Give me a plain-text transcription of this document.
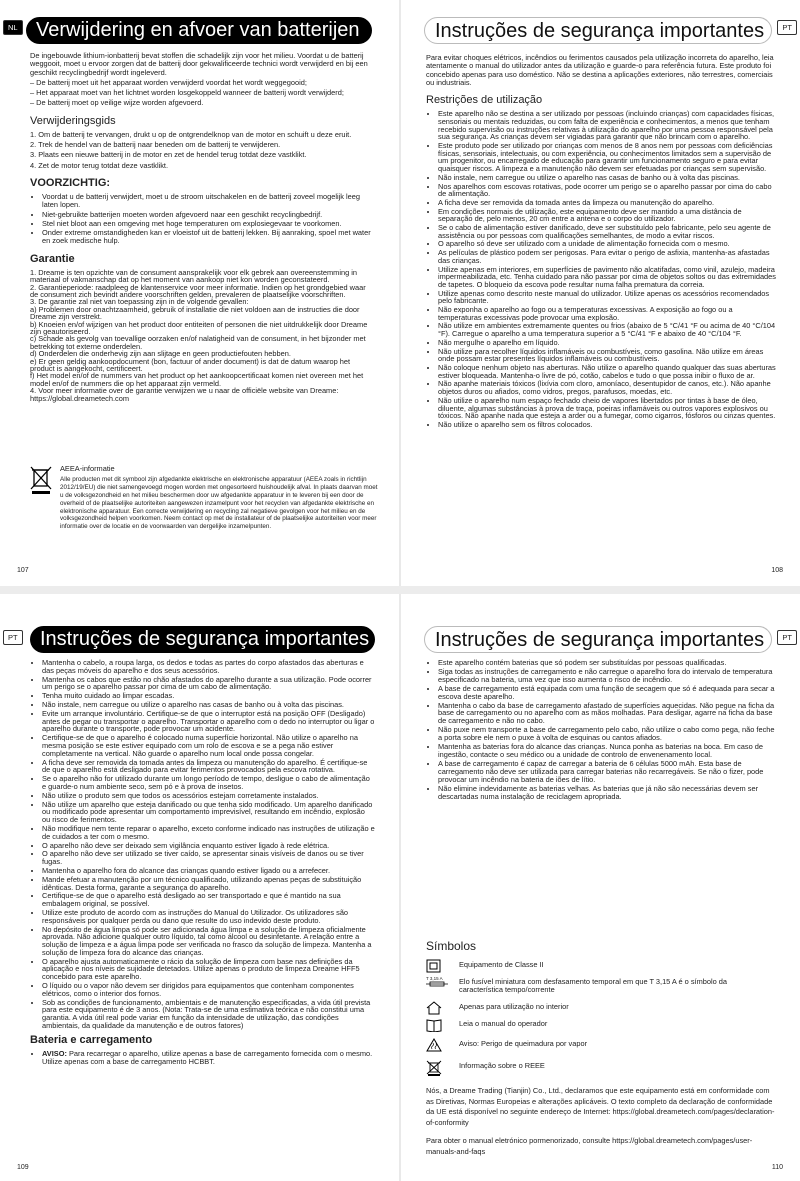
NL Verwijdering en afvoer van batterijen

De ingebouwde lithium-ionbatterij bevat stoffen die schadelijk zijn voor het milieu. Voordat u de batterij weggooit, moet u ervoor zorgen dat de batterij door gekwalificeerde technici wordt verwijderd en bij een geschikt recyclingbedrijf wordt ingeleverd.

– De batterij moet uit het apparaat worden verwijderd voordat het wordt weggegooid;

– Het apparaat moet van het lichtnet worden losgekoppeld wanneer de batterij wordt verwijderd;

– De batterij moet op veilige wijze worden afgevoerd.

Verwijderingsgids

1. Om de batterij te vervangen, drukt u op de ontgrendelknop van de motor en schuift u deze eruit.

2. Trek de hendel van de batterij naar beneden om de batterij te verwijderen.

3. Plaats een nieuwe batterij in de motor en zet de hendel terug totdat deze vastklikt.

4. Zet de motor terug totdat deze vastklikt.

VOORZICHTIG:
• Voordat u de batterij verwijdert, moet u de stroom uitschakelen en de batterij zoveel mogelijk leeg laten lopen.
• Niet-gebruikte batterijen moeten worden afgevoerd naar een geschikt recyclingbedrijf.
• Stel niet bloot aan een omgeving met hoge temperaturen om explosiegevaar te voorkomen.
• Onder extreme omstandigheden kan er vloeistof uit de batterij lekken. Bij aanraking, spoel met water en zoek medische hulp.
Garantie

1. Dreame is ten opzichte van de consument aansprakelijk voor elk gebrek aan overeenstemming in materiaal of vakmanschap dat op het moment van aankoop niet kon worden geconstateerd.

2. Garantieperiode: raadpleeg de klantenservice voor meer informatie. Indien op het grondgebied waar de consument zich bevindt andere voorschriften gelden, prevaleren de plaatselijke voorschriften.

3. De garantie zal niet van toepassing zijn in de volgende gevallen:

a) Problemen door onachtzaamheid, gebruik of installatie die niet voldoen aan de instructies die door Dreame zijn verstrekt.

b) Knoeien en/of wijzigen van het product door entiteiten of personen die niet uitdrukkelijk door Dreame zijn geautoriseerd.

c) Schade als gevolg van toevallige oorzaken en/of nalatigheid van de consument, in het bijzonder met betrekking tot externe onderdelen.

d) Onderdelen die onderhevig zijn aan slijtage en geen productiefouten hebben.

e) Er geen geldig aankoopdocument (bon, factuur of ander document) is dat de datum waarop het product is aangekocht, certificeert.

f) Het model en/of de nummers van het product op het aankoopcertificaat komen niet overeen met het model en/of de nummers die op het apparaat zijn vermeld.

4. Voor meer informatie over de garantie verwijzen we u naar de officiële website van Dreame: https://global.dreametech.com

AEEA-informatie
Alle producten met dit symbool zijn afgedankte elektrische en elektronische apparatuur (AEEA zoals in richtlijn 2012/19/EU) die niet samengevoegd mogen worden met ongesorteerd huishoudelijk afval. In plaats daarvan moet u de volksgezondheid en het milieu beschermen door uw afgedankte apparatuur in te leveren bij een door de overheid of de plaatselijke autoriteiten aangewezen inzamelpunt voor het recyclen van afgedankte elektrische en elektronische apparatuur. Een correcte verwijdering en recycling zal negatieve gevolgen voor het milieu en de volksgezondheid helpen voorkomen. Neem contact op met de installateur of de plaatselijke autoriteiten voor meer informatie over de locatie en de voorwaarden van dergelijke inzamelpunten.
107
Instruções de segurança importantes	PT

Para evitar choques elétricos, incêndios ou ferimentos causados pela utilização incorreta do aparelho, leia atentamente o manual do utilizador antes da utilização e guarde-o para referência futura. Este produto foi concebido apenas para uso doméstico. Não se destina a aplicações exteriores, não terrestres, comerciais ou industriais.

Restrições de utilização
• Este aparelho não se destina a ser utilizado por pessoas (incluindo crianças) com capacidades físicas, sensoriais ou mentais reduzidas, ou com falta de experiência e conhecimentos, a menos que tenham recebido supervisão ou instruções relativas à utilização do aparelho por uma pessoa responsável pela sua segurança. As crianças devem ser vigiadas para garantir que não brincam com o aparelho.
• Este produto pode ser utilizado por crianças com menos de 8 anos nem por pessoas com deficiências físicas, sensoriais, intelectuais, ou com experiência, ou conhecimentos limitados sem a supervisão de um progenitor, ou encarregado de educação para garantir um funcionamento seguro e para evitar quaisquer riscos. A limpeza e a manutenção não devem ser efetuadas por crianças sem supervisão.
• Não instale, nem carregue ou utilize o aparelho nas casas de banho ou à volta das piscinas.
• Nos aparelhos com escovas rotativas, pode ocorrer um perigo se o aparelho passar por cima do cabo de alimentação.
• A ficha deve ser removida da tomada antes da limpeza ou manutenção do aparelho.
• Em condições normais de utilização, este equipamento deve ser mantido a uma distância de separação de, pelo menos, 20 cm entre a antena e o corpo do utilizador.
• Se o cabo de alimentação estiver danificado, deve ser substituído pelo fabricante, pelo seu agente de assistência ou por pessoas com qualificações semelhantes, de modo a evitar riscos.
• O aparelho só deve ser utilizado com a unidade de alimentação fornecida com o mesmo.
• As películas de plástico podem ser perigosas. Para evitar o perigo de asfixia, mantenha-as afastadas das crianças.
• Utilize apenas em interiores, em superfícies de pavimento não alcatifadas, como vinil, azulejo, madeira impermeabilizada, etc. Tenha cuidado para não passar por cima de objetos soltos ou das extremidades de tapetes. O bloqueio da escova pode resultar numa falha prematura da correia.
• Utilize apenas como descrito neste manual do utilizador. Utilize apenas os acessórios recomendados pelo fabricante.
• Não exponha o aparelho ao fogo ou a temperaturas excessivas. A exposição ao fogo ou a temperaturas excessivas pode provocar uma explosão.
• Não utilize em ambientes extremamente quentes ou frios (abaixo de 5 °C/41 °F ou acima de 40 °C/104 °F). Carregue o aparelho a uma temperatura superior a 5 °C/41 °F e abaixo de 40 °C/104 °F.
• Não mergulhe o aparelho em líquido.
• Não utilize para recolher líquidos inflamáveis ou combustíveis, como gasolina. Não utilize em áreas onde possam estar presentes líquidos inflamáveis ou combustíveis.
• Não coloque nenhum objeto nas aberturas. Não utilize o aparelho quando qualquer das suas aberturas estiver bloqueada. Mantenha-o livre de pó, cotão, cabelos e tudo o que possa inibir o fluxo de ar.
• Não apanhe materiais tóxicos (lixívia com cloro, amoníaco, desentupidor de canos, etc.). Não apanhe objetos duros ou afiados, como vidros, pregos, parafusos, moedas, etc.
• Não utilize o aparelho num espaço fechado cheio de vapores libertados por tintas à base de óleo, diluente, algumas substâncias à prova de traça, poeiras inflamáveis ou outros vapores explosivos ou tóxicos. Não apanhe nada que esteja a arder ou a fumegar, como cigarros, fósforos ou cinzas quentes.
• Não utilize o aparelho sem os filtros colocados.
108
PT	Instruções de segurança importantes
• Mantenha o cabelo, a roupa larga, os dedos e todas as partes do corpo afastados das aberturas e das peças móveis do aparelho e dos seus acessórios.
• Mantenha os cabos que estão no chão afastados do aparelho durante a sua utilização. Pode ocorrer um perigo se o aparelho passar por cima de um cabo de alimentação.
• Tenha muito cuidado ao limpar escadas.
• Não instale, nem carregue ou utilize o aparelho nas casas de banho ou à volta das piscinas.
• Evite um arranque involuntário. Certifique-se de que o interruptor está na posição OFF (Desligado) antes de pegar ou transportar o aparelho. Transportar o aparelho com o dedo no interruptor ou ligar o aparelho durante o transporte, pode provocar um acidente.
• Certifique-se de que o aparelho é colocado numa superfície horizontal. Não utilize o aparelho na mesma posição se este estiver equipado com um rolo de escova e se a pega não estiver completamente na vertical. Não guarde o aparelho num local onde possa congelar.
• A ficha deve ser removida da tomada antes da limpeza ou manutenção do aparelho. É certifique-se de que o aparelho está desligado para evitar ferimentos provocados pela escova rotativa.
• Se o aparelho não for utilizado durante um longo período de tempo, desligue o cabo de alimentação e guarde-o num ambiente seco, sem pó e à prova de insetos.
• Não utilize o produto sem que todos os acessórios estejam corretamente instalados.
• Não utilize um aparelho que esteja danificado ou que tenha sido modificado. Um aparelho danificado ou modificado pode apresentar um comportamento imprevisível, resultando em incêndio, explosão ou risco de ferimentos.
• Não modifique nem tente reparar o aparelho, exceto conforme indicado nas instruções de utilização e de cuidados a ter com o mesmo.
• O aparelho não deve ser deixado sem vigilância enquanto estiver ligado à rede elétrica.
• O aparelho não deve ser utilizado se tiver caído, se apresentar sinais visíveis de danos ou se tiver fugas.
• Mantenha o aparelho fora do alcance das crianças quando estiver ligado ou a arrefecer.
• Mande efetuar a manutenção por um técnico qualificado, utilizando apenas peças de substituição idênticas. Desta forma, garante a segurança do aparelho.
• Certifique-se de que o aparelho está desligado ao ser transportado e que é mantido na sua embalagem original, se possível.
• Utilize este produto de acordo com as instruções do Manual do Utilizador. Os utilizadores são responsáveis por qualquer perda ou dano que resulte do uso indevido deste produto.
• No depósito de água limpa só pode ser adicionada água limpa e a solução de limpeza oficialmente aprovada. Não adicione qualquer outro líquido, tal como álcool ou desinfetante. A relação entre a solução de limpeza e a água limpa pode ser verificada no frasco da solução de limpeza. Mantenha a solução de limpeza fora do alcance das crianças.
• O aparelho ajusta automaticamente o rácio da solução de limpeza com base nas definições da aplicação e nos níveis de sujidade detetados. Utilize apenas o produto de limpeza Dreame HFF5 concebido para este aparelho.
• O líquido ou o vapor não devem ser dirigidos para equipamentos que contenham componentes elétricos, como o interior dos fornos.
• Sob as condições de funcionamento, ambientais e de manutenção especificadas, a vida útil prevista para este equipamento é de 3 anos. (Nota: Trata-se de uma estimativa teórica e não constitui uma garantia. A vida útil real pode variar em função da intensidade de utilização, das condições ambientais, da qualidade da manutenção e de outros fatores)
Bateria e carregamento
• AVISO: Para recarregar o aparelho, utilize apenas a base de carregamento fornecida com o mesmo. Utilize apenas com a base de carregamento HCBBT.
109
Instruções de segurança importantes	PT
• Este aparelho contém baterias que só podem ser substituídas por pessoas qualificadas.
• Siga todas as instruções de carregamento e não carregue o aparelho fora do intervalo de temperatura especificado na bateria, uma vez que isso aumenta o risco de incêndio.
• A base de carregamento está equipada com uma função de secagem que só é adequada para secar a escova deste aparelho.
• Mantenha o cabo da base de carregamento afastado de superfícies aquecidas. Não pegue na ficha da base de carregamento ou no aparelho com as mãos molhadas. Para desligar, agarre na ficha da base de carregamento e não no cabo.
• Não puxe nem transporte a base de carregamento pelo cabo, não utilize o cabo como pega, não feche a porta sobre ele nem o puxe à volta de esquinas ou cantos afiados.
• Mantenha as baterias fora do alcance das crianças. Nunca ponha as baterias na boca. Em caso de ingestão, contacte o seu médico ou a unidade de controlo de envenenamento local.
• A base de carregamento é capaz de carregar a bateria de 6 células 5000 mAh. Esta base de carregamento não deve ser utilizada para carregar baterias não recarregáveis. Se não o fizer, pode provocar um incêndio na bateria de iões de lítio.
• Não elimine indevidamente as baterias velhas. As baterias que já não são necessárias devem ser descartadas numa instalação de reciclagem apropriada.
Símbolos
Equipamento de Classe II
T 3,15 A	Elo fusível miniatura com desfasamento temporal em que T 3,15 A é o símbolo da característica tempo/corrente
Apenas para utilização no interior
Leia o manual do operador
Aviso: Perigo de queimadura por vapor
Informação sobre o REEE

Nós, a Dreame Trading (Tianjin) Co., Ltd., declaramos que este equipamento está em conformidade com as Diretivas, Normas Europeias e alterações aplicáveis. O texto completo da declaração de conformidade da UE está disponível no seguinte endereço de Internet: https://global.dreametech.com/pages/declaration-of-conformity

Para obter o manual eletrónico pormenorizado, consulte https://global.dreametech.com/pages/user-manuals-and-faqs

110
